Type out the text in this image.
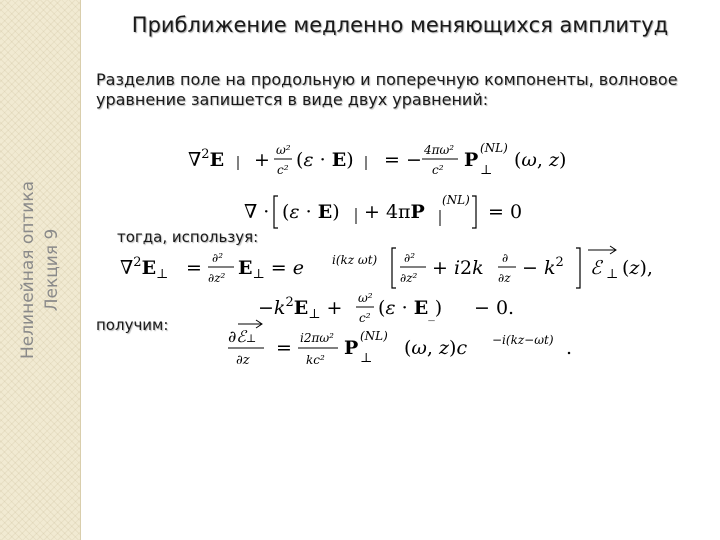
Нелинейная оптика Лекция 9
Приближение медленно меняющихся амплитуд
Разделив поле на продольную и поперечную компоненты, волновое уравнение запишется в виде двух уравнений:
∇$^2$E + ω²
c² (ε · E) = − 4πω²
c² P
(NL)
⊥ (ω, z)
∇ · (ε · E) + 4πP
(NL)
= 0
тогда, используя:
$\nabla^2E_\perp = \partial^2$
∂z² $E_\perp = e$ i(kz ωt) ∂²
∂z² + i2k ∂
$\partial z - k^2$ ℰ ⊥ (z),
$-k^2E_\perp + \omega^2$
c² $(\varepsilon \cdot E_{\_}) - 0$.
получим:
∂ℰ⊥
∂z
= i2πω²
kc²
P
(NL)
⊥ (ω, z)c −i(kz−ωt) .
